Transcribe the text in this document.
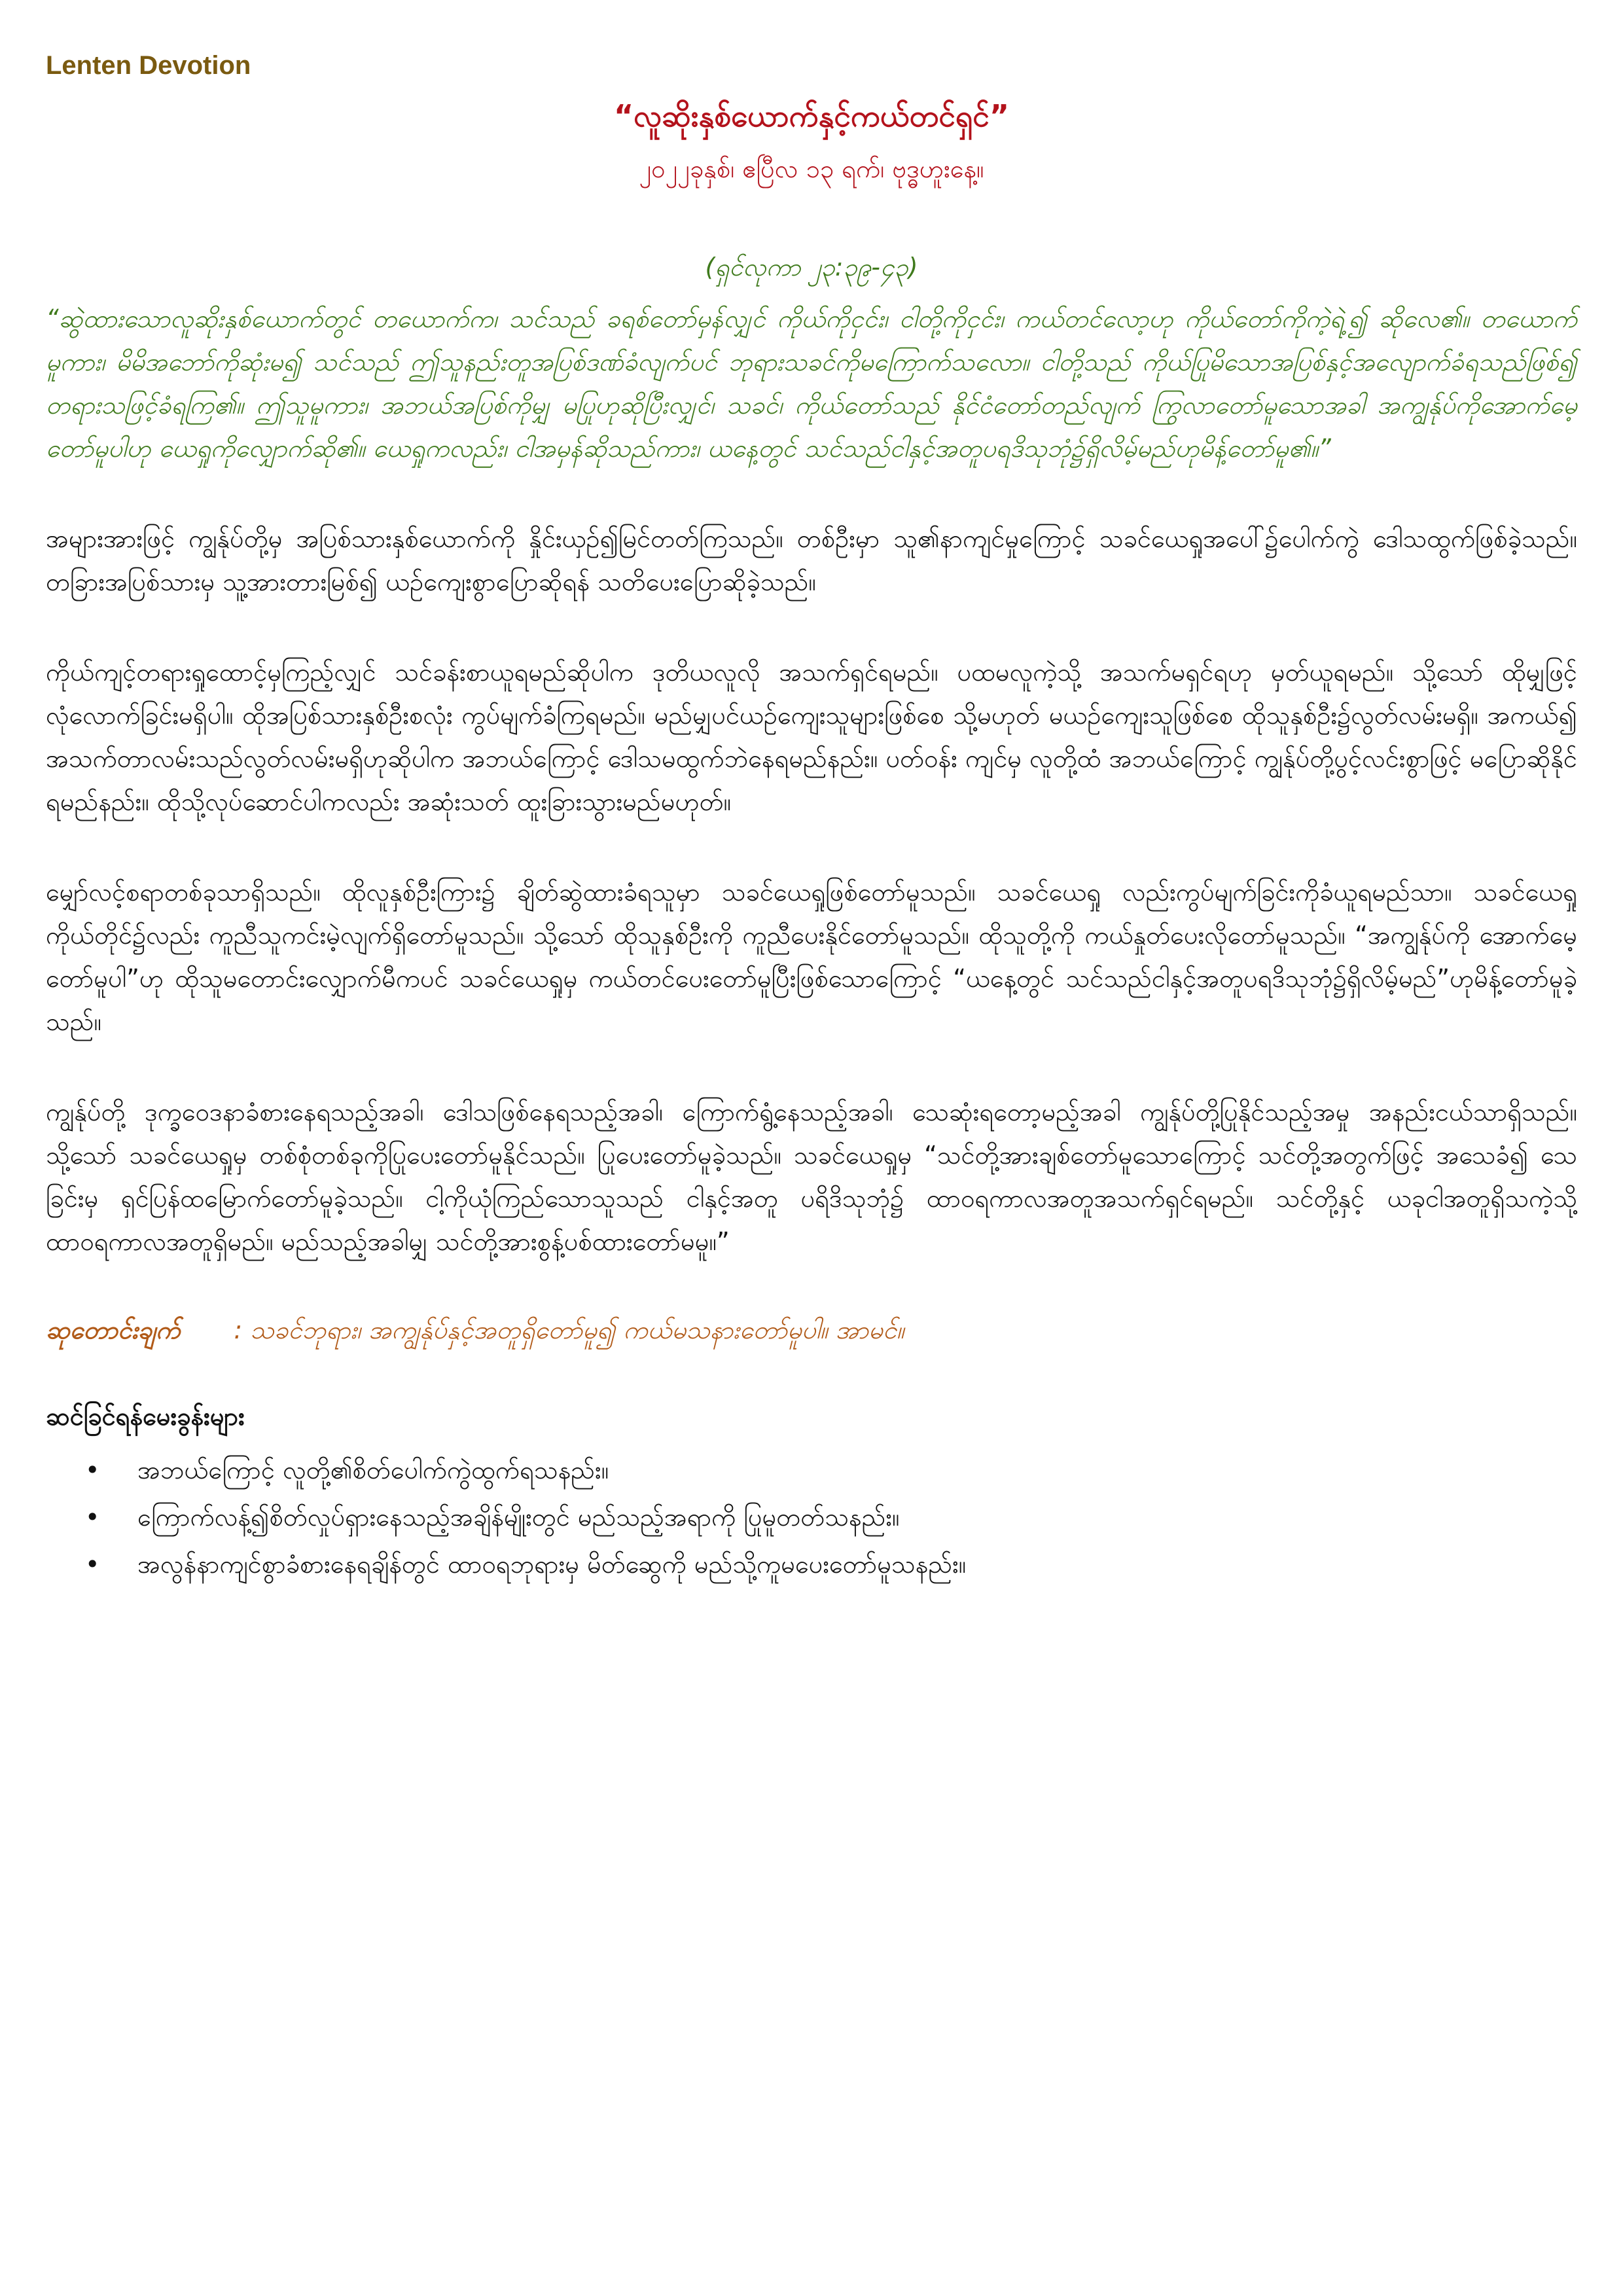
Lenten Devotion
“လူဆိုးနှစ်ယောက်နှင့်ကယ်တင်ရှင်”
၂၀၂၂ခုနှစ်၊ ဧပြီလ ၁၃ ရက်၊ ဗုဒ္ဓဟူးနေ့။
(ရှင်လုကာ ၂၃:၃၉-၄၃)
“ဆွဲထားသောလူဆိုးနှစ်ယောက်တွင် တယောက်က၊ သင်သည် ခရစ်တော်မှန်လျှင် ကိုယ်ကိုငှင်း၊ ငါတို့ကိုငှင်း၊ ကယ်တင်လော့ဟု ကိုယ်တော်ကိုကဲ့ရဲ့၍ ဆိုလေ၏။ တယောက်မူကား၊ မိမိအဘော်ကိုဆုံးမ၍ သင်သည် ဤသူနည်းတူအပြစ်ဒဏ်ခံလျက်ပင် ဘုရားသခင်ကိုမကြောက်သလော။ ငါတို့သည် ကိုယ်ပြုမိသောအပြစ်နှင့်အလျောက်ခံရသည်ဖြစ်၍ တရားသဖြင့်ခံရကြ၏။ ဤသူမူကား၊ အဘယ်အပြစ်ကိုမျှ မပြုဟုဆိုပြီးလျှင်၊ သခင်၊ ကိုယ်တော်သည် နိုင်ငံတော်တည်လျက် ကြွလာတော်မူသောအခါ အကျွန်ုပ်ကိုအောက်မေ့တော်မူပါဟု ယေရှုကိုလျှောက်ဆို၏။ ယေရှုကလည်း၊ ငါအမှန်ဆိုသည်ကား၊ ယနေ့တွင် သင်သည်ငါနှင့်အတူပရဒိသုဘုံ၌ရှိလိမ့်မည်ဟုမိန့်တော်မူ၏။”
အများအားဖြင့် ကျွန်ုပ်တို့မှ အပြစ်သားနှစ်ယောက်ကို နှိုင်းယှဉ်၍မြင်တတ်ကြသည်။ တစ်ဦးမှာ သူ၏နာကျင်မှုကြောင့် သခင်ယေရှုအပေါ်၌ပေါက်ကွဲ ဒေါသထွက်ဖြစ်ခဲ့သည်။ တခြားအပြစ်သားမှ သူ့အားတားမြစ်၍ ယဉ်ကျေးစွာပြောဆိုရန် သတိပေးပြောဆိုခဲ့သည်။
ကိုယ်ကျင့်တရားရှုထောင့်မှကြည့်လျှင် သင်ခန်းစာယူရမည်ဆိုပါက ဒုတိယလူလို အသက်ရှင်ရမည်။ ပထမလူကဲ့သို့ အသက်မရှင်ရဟု မှတ်ယူရမည်။ သို့သော် ထိုမျှဖြင့် လုံလောက်ခြင်းမရှိပါ။ ထိုအပြစ်သားနှစ်ဦးစလုံး ကွပ်မျက်ခံကြရမည်။ မည်မျှပင်ယဉ်ကျေးသူများဖြစ်စေ သို့မဟုတ် မယဉ်ကျေးသူဖြစ်စေ ထိုသူနှစ်ဦး၌လွတ်လမ်းမရှိ။ အကယ်၍ အသက်တာလမ်းသည်လွတ်လမ်းမရှိဟုဆိုပါက အဘယ်ကြောင့် ဒေါသမထွက်ဘဲနေရမည်နည်း။ ပတ်ဝန်း ကျင်မှ လူတို့ထံ အဘယ်ကြောင့် ကျွန်ုပ်တို့ပွင့်လင်းစွာဖြင့် မပြောဆိုနိုင်ရမည်နည်း။ ထိုသို့လုပ်ဆောင်ပါကလည်း အဆုံးသတ် ထူးခြားသွားမည်မဟုတ်။
မျှော်လင့်စရာတစ်ခုသာရှိသည်။ ထိုလူနှစ်ဦးကြား၌ ချိတ်ဆွဲထားခံရသူမှာ သခင်ယေရှုဖြစ်တော်မူသည်။ သခင်ယေရှု လည်းကွပ်မျက်ခြင်းကိုခံယူရမည်သာ။ သခင်ယေရှုကိုယ်တိုင်၌လည်း ကူညီသူကင်းမဲ့လျက်ရှိတော်မူသည်။ သို့သော် ထိုသူနှစ်ဦးကို ကူညီပေးနိုင်တော်မူသည်။ ထိုသူတို့ကို ကယ်နှုတ်ပေးလိုတော်မူသည်။ “အကျွန်ုပ်ကို အောက်မေ့တော်မူပါ”ဟု ထိုသူမတောင်းလျှောက်မီကပင် သခင်ယေရှုမှ ကယ်တင်ပေးတော်မူပြီးဖြစ်သောကြောင့် “ယနေ့တွင် သင်သည်ငါနှင့်အတူပရဒိသုဘုံ၌ရှိလိမ့်မည်”ဟုမိန့်တော်မူခဲ့သည်။
ကျွန်ုပ်တို့ ဒုက္ခဝေဒနာခံစားနေရသည့်အခါ၊ ဒေါသဖြစ်နေရသည့်အခါ၊ ကြောက်ရွံ့နေသည့်အခါ၊ သေဆုံးရတော့မည့်အခါ ကျွန်ုပ်တို့ပြုနိုင်သည့်အမှု အနည်းငယ်သာရှိသည်။ သို့သော် သခင်ယေရှုမှ တစ်စုံတစ်ခုကိုပြုပေးတော်မူနိုင်သည်။ ပြုပေးတော်မူခဲ့သည်။ သခင်ယေရှုမှ “သင်တို့အားချစ်တော်မူသောကြောင့် သင်တို့အတွက်ဖြင့် အသေခံ၍ သေခြင်းမှ ရှင်ပြန်ထမြောက်တော်မူခဲ့သည်။ ငါ့ကိုယုံကြည်သောသူသည် ငါနှင့်အတူ ပရိဒိသုဘုံ၌ ထာဝရကာလအတူအသက်ရှင်ရမည်။ သင်တို့နှင့် ယခုငါအတူရှိသကဲ့သို့ ထာဝရကာလအတူရှိမည်။ မည်သည့်အခါမျှ သင်တို့အားစွန့်ပစ်ထားတော်မမူ။”
ဆုတောင်းချက် : သခင်ဘုရား၊ အကျွန်ုပ်နှင့်အတူရှိတော်မူ၍ ကယ်မသနားတော်မူပါ။ အာမင်။
ဆင်ခြင်ရန်မေးခွန်းများ
• အဘယ်ကြောင့် လူတို့၏စိတ်ပေါက်ကွဲထွက်ရသနည်း။
• ကြောက်လန့်၍စိတ်လှုပ်ရှားနေသည့်အချိန်မျိုးတွင် မည်သည့်အရာကို ပြုမူတတ်သနည်း။
• အလွန်နာကျင်စွာခံစားနေရချိန်တွင် ထာဝရဘုရားမှ မိတ်ဆွေကို မည်သို့ကူမပေးတော်မူသနည်း။
